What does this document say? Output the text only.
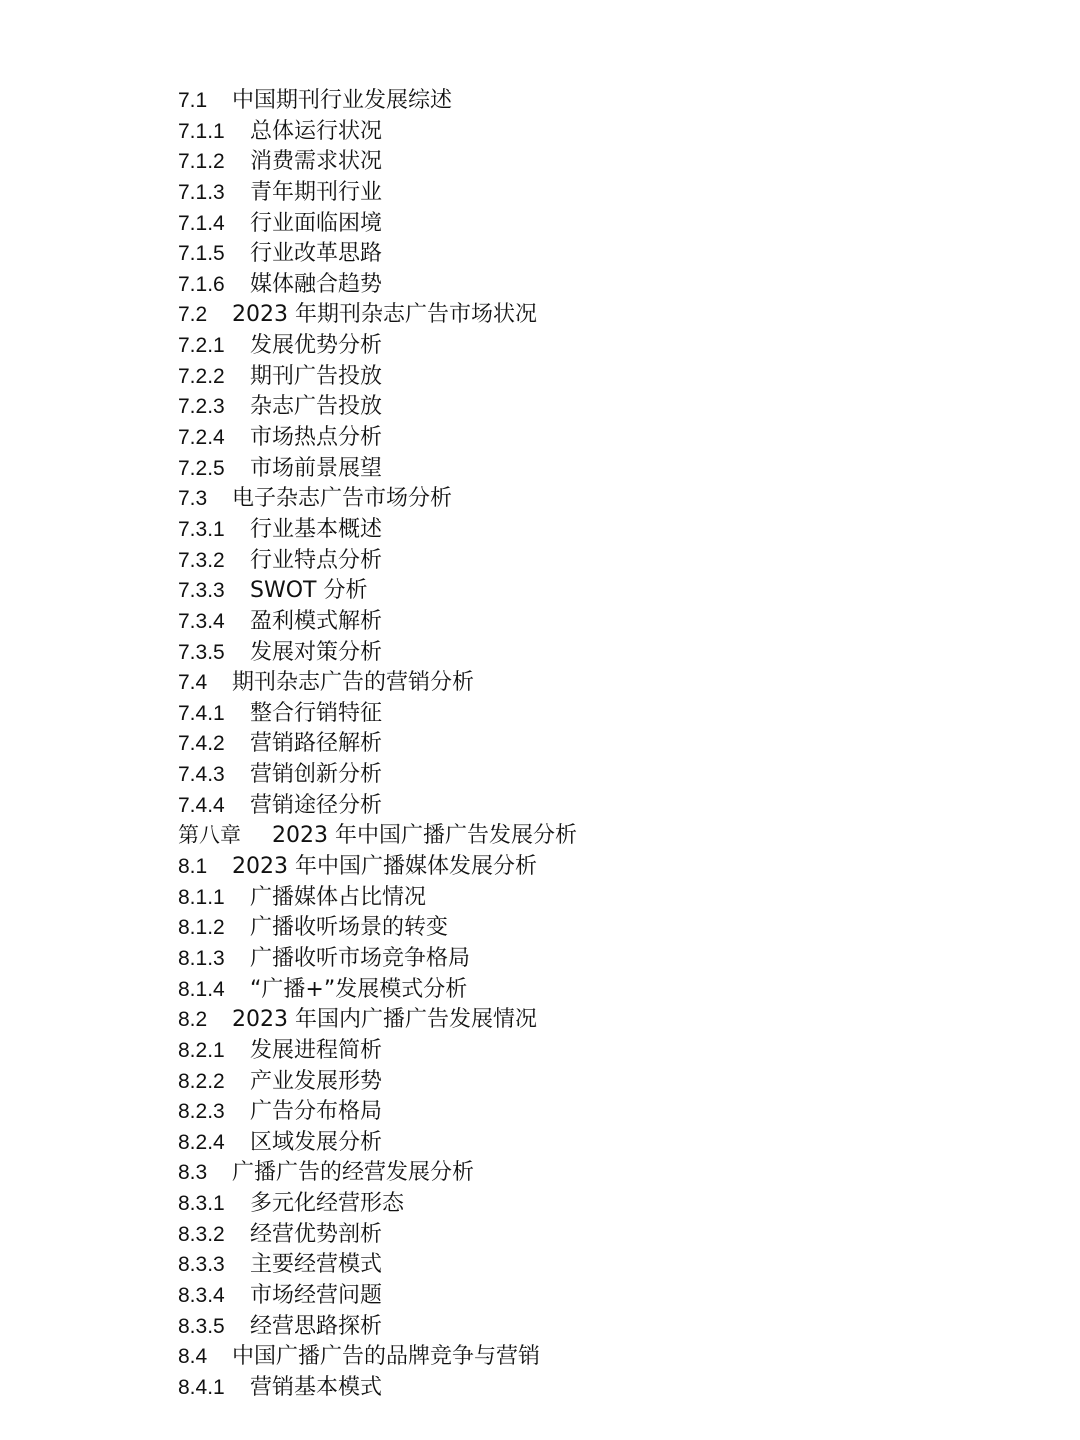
7.1 中国期刊行业发展综述
7.1.1 总体运行状况
7.1.2 消费需求状况
7.1.3 青年期刊行业
7.1.4 行业面临困境
7.1.5 行业改革思路
7.1.6 媒体融合趋势
7.2 2023 年期刊杂志广告市场状况
7.2.1 发展优势分析
7.2.2 期刊广告投放
7.2.3 杂志广告投放
7.2.4 市场热点分析
7.2.5 市场前景展望
7.3 电子杂志广告市场分析
7.3.1 行业基本概述
7.3.2 行业特点分析
7.3.3 SWOT 分析
7.3.4 盈利模式解析
7.3.5 发展对策分析
7.4 期刊杂志广告的营销分析
7.4.1 整合行销特征
7.4.2 营销路径解析
7.4.3 营销创新分析
7.4.4 营销途径分析
第八章 2023 年中国广播广告发展分析
8.1 2023 年中国广播媒体发展分析
8.1.1 广播媒体占比情况
8.1.2 广播收听场景的转变
8.1.3 广播收听市场竞争格局
8.1.4 “广播+”发展模式分析
8.2 2023 年国内广播广告发展情况
8.2.1 发展进程简析
8.2.2 产业发展形势
8.2.3 广告分布格局
8.2.4 区域发展分析
8.3 广播广告的经营发展分析
8.3.1 多元化经营形态
8.3.2 经营优势剖析
8.3.3 主要经营模式
8.3.4 市场经营问题
8.3.5 经营思路探析
8.4 中国广播广告的品牌竞争与营销
8.4.1 营销基本模式
